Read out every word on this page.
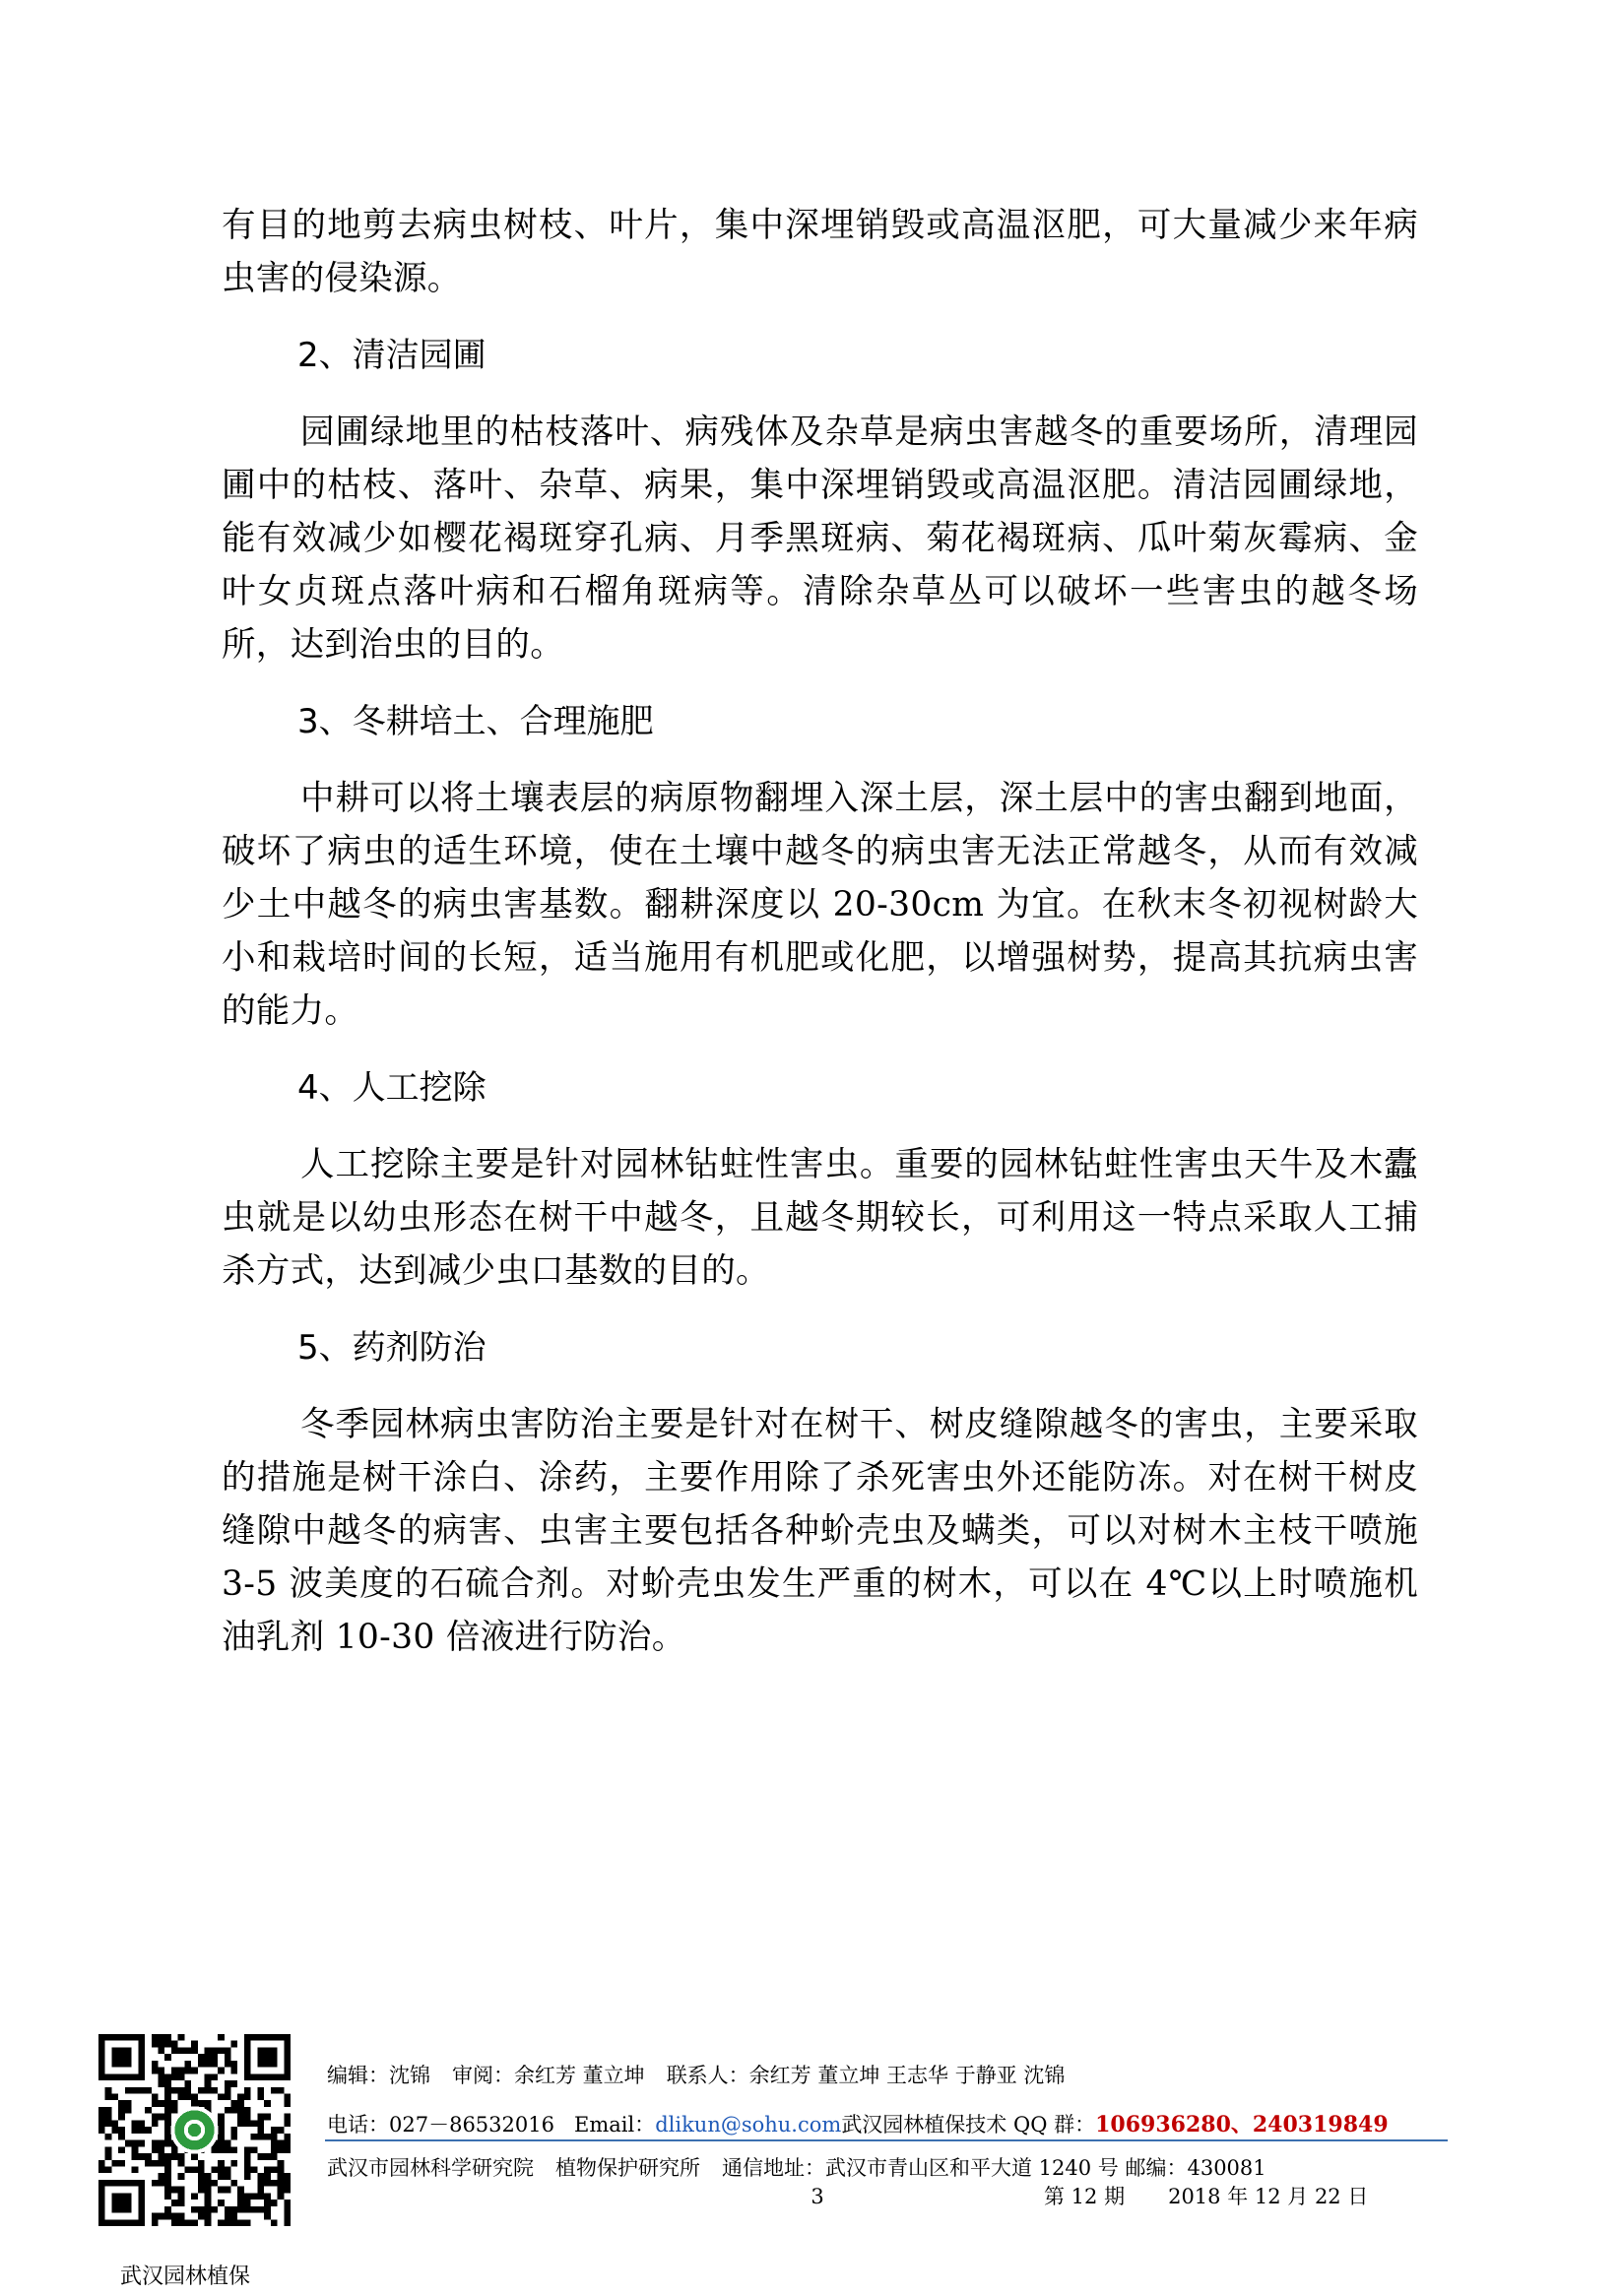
有目的地剪去病虫树枝、叶片，集中深埋销毁或高温沤肥，可大量减少来年病虫害的侵染源。

2、清洁园圃

园圃绿地里的枯枝落叶、病残体及杂草是病虫害越冬的重要场所，清理园圃中的枯枝、落叶、杂草、病果，集中深埋销毁或高温沤肥。清洁园圃绿地，能有效减少如樱花褐斑穿孔病、月季黑斑病、菊花褐斑病、瓜叶菊灰霉病、金叶女贞斑点落叶病和石榴角斑病等。清除杂草丛可以破坏一些害虫的越冬场所，达到治虫的目的。

3、冬耕培土、合理施肥

中耕可以将土壤表层的病原物翻埋入深土层，深土层中的害虫翻到地面，破坏了病虫的适生环境，使在土壤中越冬的病虫害无法正常越冬，从而有效减少土中越冬的病虫害基数。翻耕深度以 20-30cm 为宜。在秋末冬初视树龄大小和栽培时间的长短，适当施用有机肥或化肥，以增强树势，提高其抗病虫害的能力。

4、人工挖除

人工挖除主要是针对园林钻蛀性害虫。重要的园林钻蛀性害虫天牛及木蠹虫就是以幼虫形态在树干中越冬，且越冬期较长，可利用这一特点采取人工捕杀方式，达到减少虫口基数的目的。

5、药剂防治

冬季园林病虫害防治主要是针对在树干、树皮缝隙越冬的害虫，主要采取的措施是树干涂白、涂药，主要作用除了杀死害虫外还能防冻。对在树干树皮缝隙中越冬的病害、虫害主要包括各种蚧壳虫及螨类，可以对树木主枝干喷施 3-5 波美度的石硫合剂。对蚧壳虫发生严重的树木，可以在 4℃以上时喷施机油乳剂 10-30 倍液进行防治。

武汉园林植保
编辑：沈锦 审阅：余红芳 董立坤 联系人：余红芳 董立坤 王志华 于静亚 沈锦
电话：027－86532016 Email：dlikun@sohu.com武汉园林植保技术 QQ 群：106936280、240319849
武汉市园林科学研究院 植物保护研究所 通信地址：武汉市青山区和平大道 1240 号 邮编：430081
3	第 12 期 2018 年 12 月 22 日
